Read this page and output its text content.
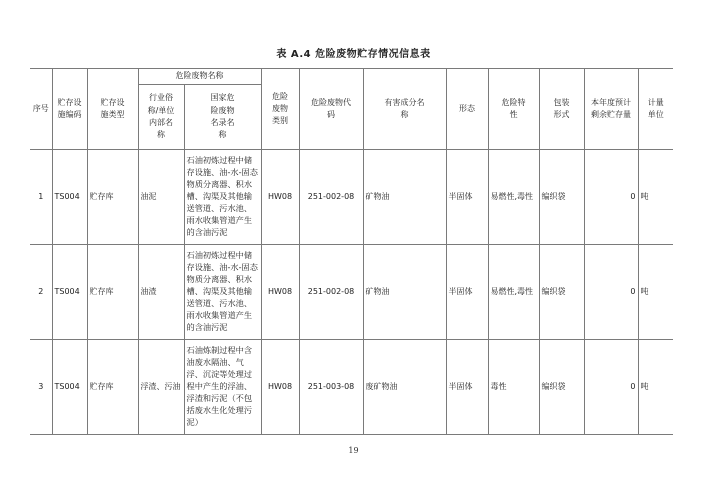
表 A.4 危险废物贮存情况信息表
序号	贮存设施编码	贮存设施类型	危险废物名称		危险废物类别	危险废物代码	有害成分名称	形态	危险特性	包装形式	本年度预计剩余贮存量	计量单位
			行业俗称/单位内部名称	国家危险废物名录名称								
1	TS004	贮存库	油泥	石油初炼过程中储存设施、油-水-固态物质分离器、积水槽、沟渠及其他输送管道、污水池、雨水收集管道产生的含油污泥	HW08	251-002-08	矿物油	半固体	易燃性,毒性	编织袋	0	吨
2	TS004	贮存库	油渣	石油初炼过程中储存设施、油-水-固态物质分离器、积水槽、沟渠及其他输送管道、污水池、雨水收集管道产生的含油污泥	HW08	251-002-08	矿物油	半固体	易燃性,毒性	编织袋	0	吨
3	TS004	贮存库	浮渣、污油	石油炼制过程中含油废水隔油、气浮、沉淀等处理过程中产生的浮油、浮渣和污泥（不包括废水生化处理污泥）	HW08	251-003-08	废矿物油	半固体	毒性	编织袋	0	吨
19
